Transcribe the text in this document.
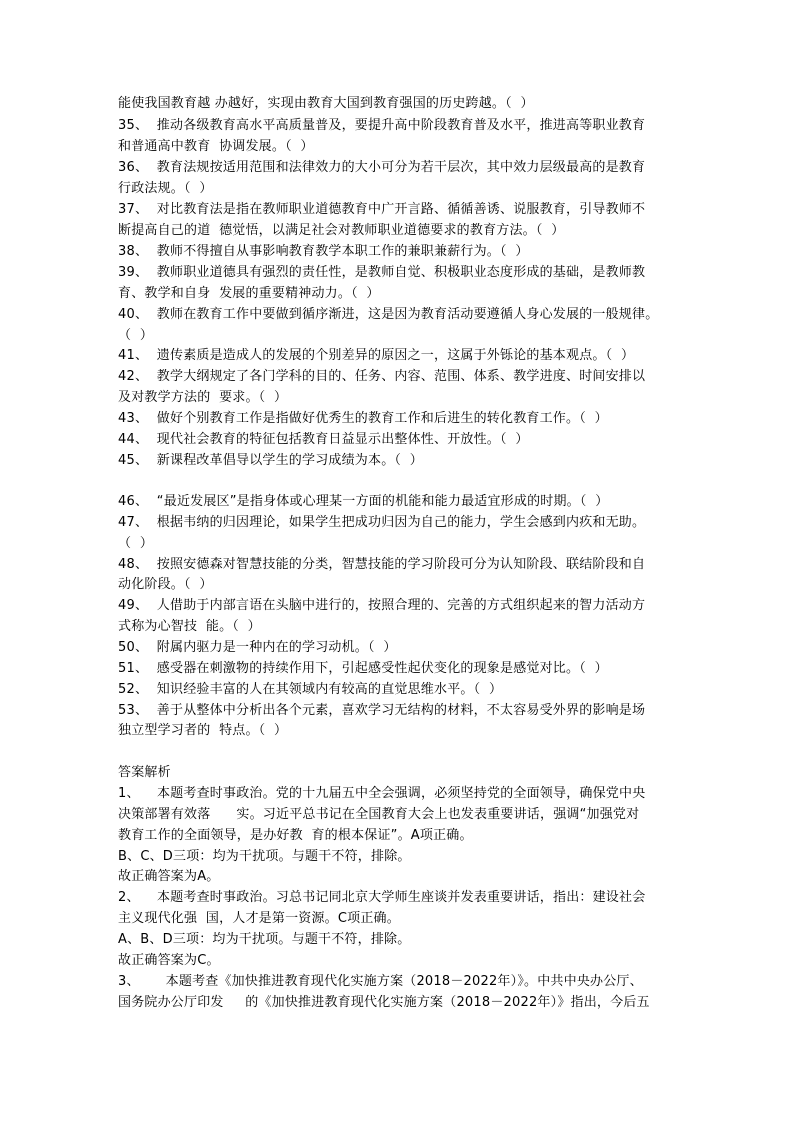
能使我国教育越 办越好，实现由教育大国到教育强国的历史跨越。（  ）
35、  推动各级教育高水平高质量普及，要提升高中阶段教育普及水平，推进高等职业教育
和普通高中教育  协调发展。（  ）
36、  教育法规按适用范围和法律效力的大小可分为若干层次，其中效力层级最高的是教育
行政法规。（  ）
37、  对比教育法是指在教师职业道德教育中广开言路、循循善诱、说服教育，引导教师不
断提高自己的道  德觉悟，以满足社会对教师职业道德要求的教育方法。（  ）
38、  教师不得擅自从事影响教育教学本职工作的兼职兼薪行为。（  ）
39、  教师职业道德具有强烈的责任性，是教师自觉、积极职业态度形成的基础，是教师教
育、教学和自身  发展的重要精神动力。（  ）
40、  教师在教育工作中要做到循序渐进，这是因为教育活动要遵循人身心发展的一般规律。
（  ）
41、  遗传素质是造成人的发展的个别差异的原因之一，这属于外铄论的基本观点。（  ）
42、  教学大纲规定了各门学科的目的、任务、内容、范围、体系、教学进度、时间安排以
及对教学方法的  要求。（  ）
43、  做好个别教育工作是指做好优秀生的教育工作和后进生的转化教育工作。（  ）
44、  现代社会教育的特征包括教育日益显示出整体性、开放性。（  ）
45、  新课程改革倡导以学生的学习成绩为本。（  ）
46、  “最近发展区”是指身体或心理某一方面的机能和能力最适宜形成的时期。（  ）
47、  根据韦纳的归因理论，如果学生把成功归因为自己的能力，学生会感到内疚和无助。
（  ）
48、  按照安德森对智慧技能的分类，智慧技能的学习阶段可分为认知阶段、联结阶段和自
动化阶段。（  ）
49、  人借助于内部言语在头脑中进行的，按照合理的、完善的方式组织起来的智力活动方
式称为心智技  能。（  ）
50、  附属内驱力是一种内在的学习动机。（  ）
51、  感受器在刺激物的持续作用下，引起感受性起伏变化的现象是感觉对比。（  ）
52、  知识经验丰富的人在其领域内有较高的直觉思维水平。（  ）
53、  善于从整体中分析出各个元素，喜欢学习无结构的材料，不太容易受外界的影响是场
独立型学习者的  特点。（  ）
答案解析
1、    本题考查时事政治。党的十九届五中全会强调，必须坚持党的全面领导，确保党中央
决策部署有效落      实。习近平总书记在全国教育大会上也发表重要讲话，强调“加强党对
教育工作的全面领导，是办好教  育的根本保证”。A项正确。
B、C、D三项：均为干扰项。与题干不符，排除。
故正确答案为A。
2、    本题考查时事政治。习总书记同北京大学师生座谈并发表重要讲话，指出：建设社会
主义现代化强  国，人才是第一资源。C项正确。
A、B、D三项：均为干扰项。与题干不符，排除。
故正确答案为C。
3、      本题考查《加快推进教育现代化实施方案（2018－2022年）》。中共中央办公厅、
国务院办公厅印发     的《加快推进教育现代化实施方案（2018－2022年）》指出，今后五
